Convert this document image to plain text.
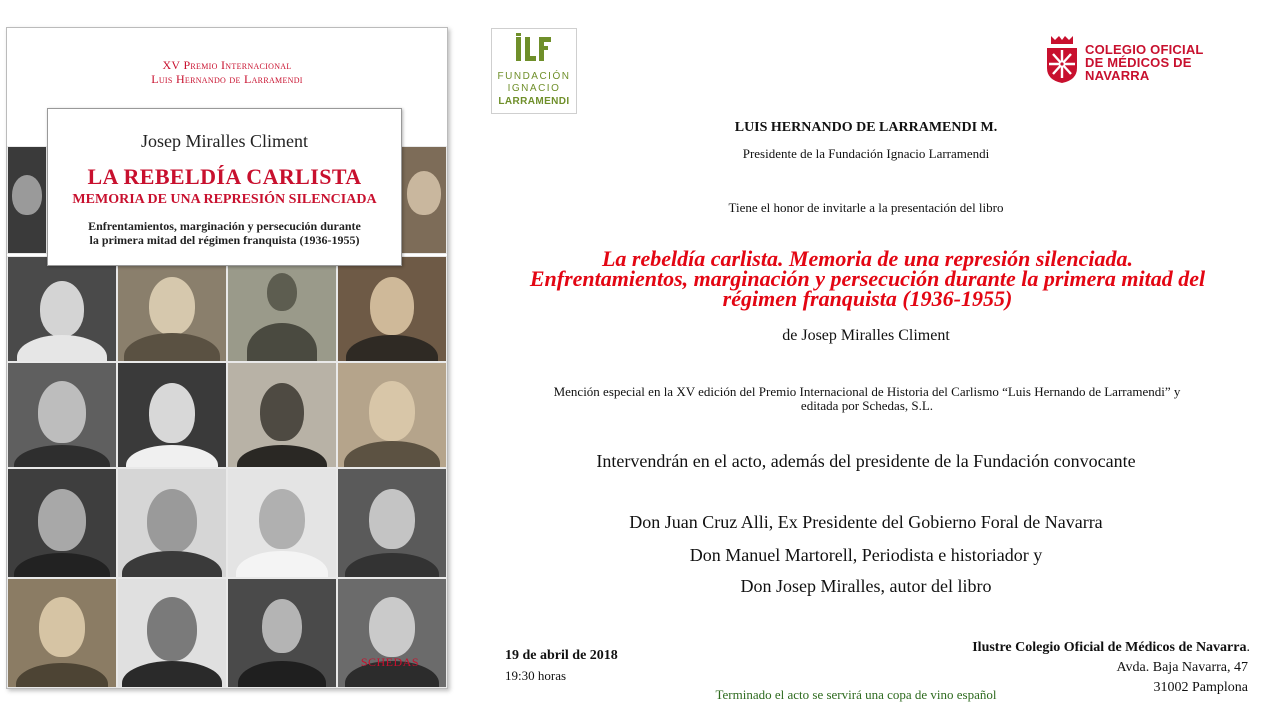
XV Premio Internacional
Luis Hernando de Larramendi
Josep Miralles Climent
LA REBELDÍA CARLISTA
MEMORIA DE UNA REPRESIÓN SILENCIADA
Enfrentamientos, marginación y persecución durante
la primera mitad del régimen franquista (1936-1955)
SCHEDAS
FUNDACIÓN
IGNACIO
LARRAMENDI
COLEGIO OFICIAL
DE MÉDICOS DE
NAVARRA
LUIS HERNANDO DE LARRAMENDI M.
Presidente de la Fundación Ignacio Larramendi
Tiene el honor de invitarle a la presentación del libro
La rebeldía carlista. Memoria de una represión silenciada.
Enfrentamientos, marginación y persecución durante la primera mitad del
régimen franquista (1936-1955)
de Josep Miralles Climent
Mención especial en la XV edición del Premio Internacional de Historia del Carlismo “Luis Hernando de Larramendi” y
editada por Schedas, S.L.
Intervendrán en el acto, además del presidente de la Fundación convocante
Don Juan Cruz Alli, Ex Presidente del Gobierno Foral de Navarra
Don Manuel Martorell, Periodista e historiador y
Don Josep Miralles, autor del libro
19 de abril de 2018
19:30 horas
Ilustre Colegio Oficial de Médicos de Navarra.
Avda. Baja Navarra, 47
31002 Pamplona
Terminado el acto se servirá una copa de vino español
